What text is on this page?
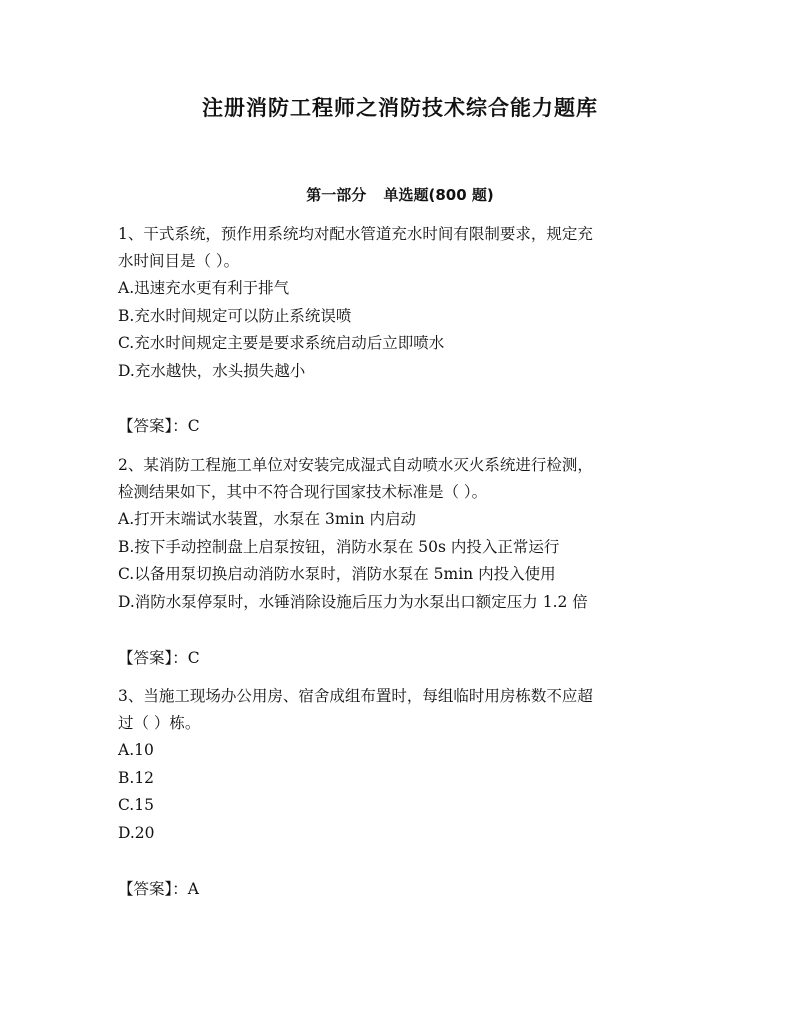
注册消防工程师之消防技术综合能力题库
第一部分 单选题(800 题)

1、干式系统，预作用系统均对配水管道充水时间有限制要求，规定充

水时间目是（ ）。

A.迅速充水更有利于排气

B.充水时间规定可以防止系统误喷

C.充水时间规定主要是要求系统启动后立即喷水

D.充水越快，水头损失越小

【答案】：C

2、某消防工程施工单位对安装完成湿式自动喷水灭火系统进行检测，

检测结果如下，其中不符合现行国家技术标准是（ ）。

A.打开末端试水装置，水泵在 3min 内启动

B.按下手动控制盘上启泵按钮，消防水泵在 50s 内投入正常运行

C.以备用泵切换启动消防水泵时，消防水泵在 5min 内投入使用

D.消防水泵停泵时，水锤消除设施后压力为水泵出口额定压力 1.2 倍

【答案】：C

3、当施工现场办公用房、宿舍成组布置时，每组临时用房栋数不应超

过（ ）栋。

A.10

B.12

C.15

D.20

【答案】：A
